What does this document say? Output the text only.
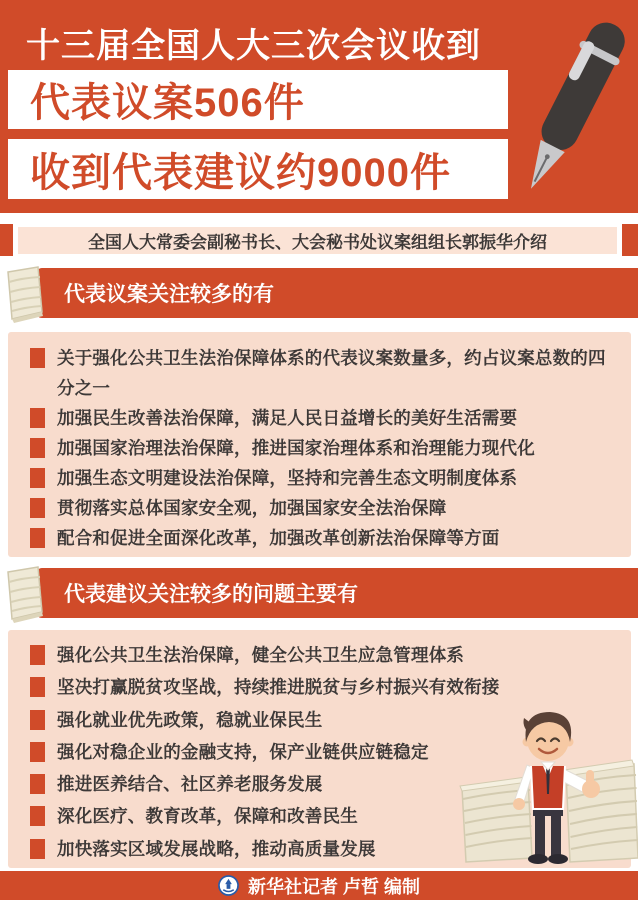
十三届全国人大三次会议收到
代表议案506件
收到代表建议约9000件
全国人大常委会副秘书长、大会秘书处议案组组长郭振华介绍
代表议案关注较多的有
关于强化公共卫生法治保障体系的代表议案数量多，约占议案总数的四分之一
加强民生改善法治保障，满足人民日益增长的美好生活需要
加强国家治理法治保障，推进国家治理体系和治理能力现代化
加强生态文明建设法治保障，坚持和完善生态文明制度体系
贯彻落实总体国家安全观，加强国家安全法治保障
配合和促进全面深化改革，加强改革创新法治保障等方面
代表建议关注较多的问题主要有
强化公共卫生法治保障，健全公共卫生应急管理体系
坚决打赢脱贫攻坚战，持续推进脱贫与乡村振兴有效衔接
强化就业优先政策，稳就业保民生
强化对稳企业的金融支持，保产业链供应链稳定
推进医养结合、社区养老服务发展
深化医疗、教育改革，保障和改善民生
加快落实区域发展战略，推动高质量发展
新华社记者 卢哲 编制
